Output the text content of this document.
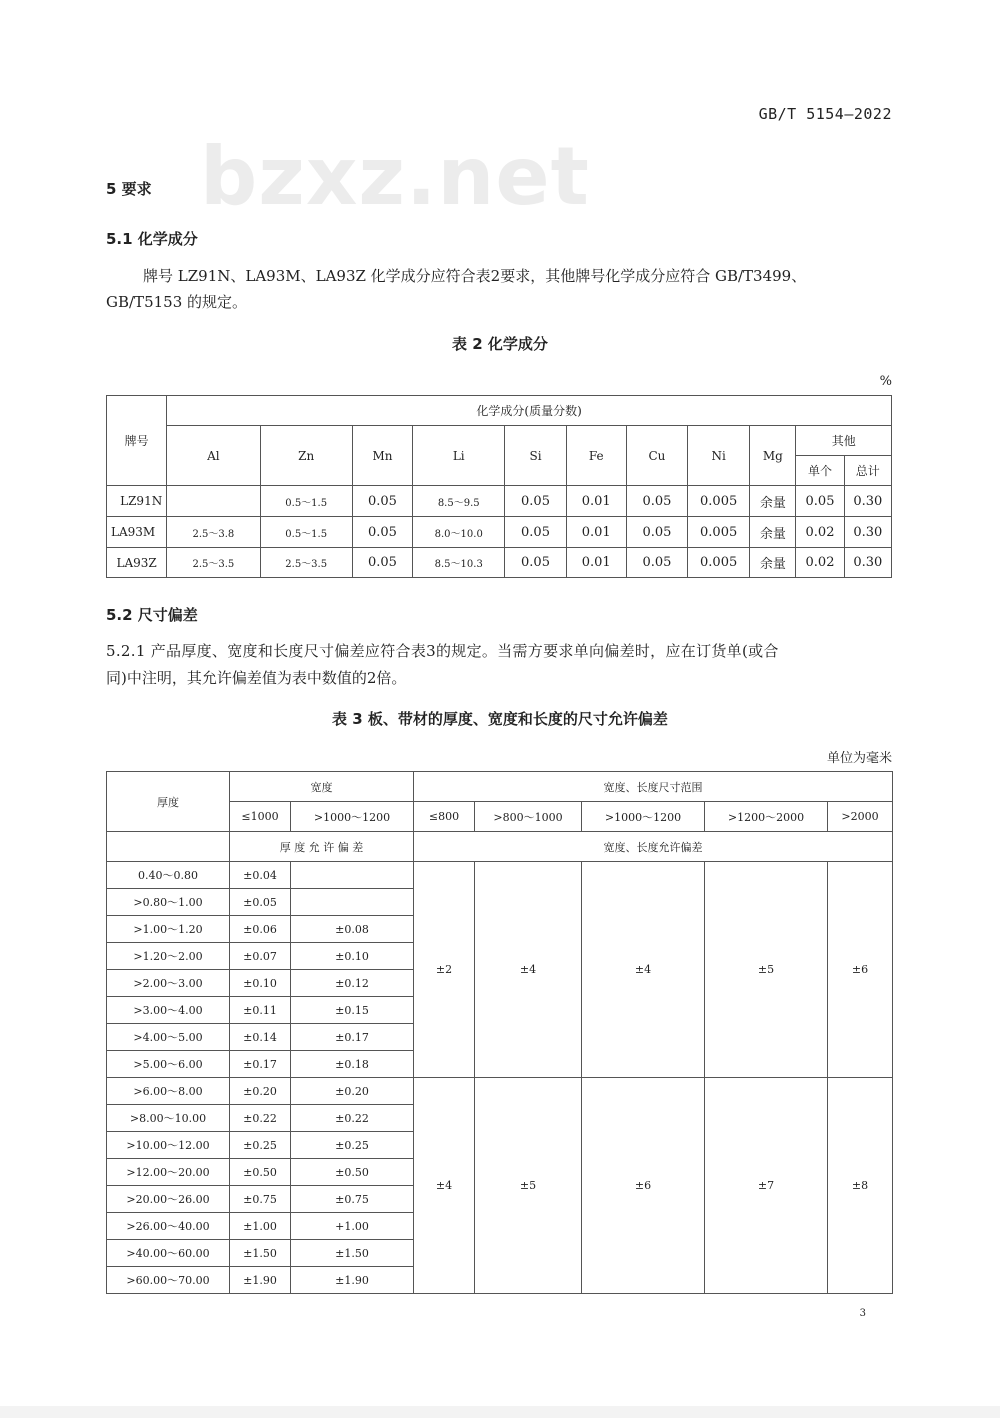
GB/T 5154—2022
bzxz.net
5 要求
5.1 化学成分
牌号 LZ91N、LA93M、LA93Z 化学成分应符合表2要求，其他牌号化学成分应符合 GB/T3499、
GB/T5153 的规定。
表 2 化学成分
%
牌号	化学成分(质量分数)										
	Al	Zn	Mn	Li	Si	Fe	Cu	Ni	Mg	其他	
										单个	总计
LZ91N		0.5～1.5	0.05	8.5～9.5	0.05	0.01	0.05	0.005	余量	0.05	0.30
LA93M	2.5～3.8	0.5～1.5	0.05	8.0～10.0	0.05	0.01	0.05	0.005	余量	0.02	0.30
LA93Z	2.5～3.5	2.5～3.5	0.05	8.5～10.3	0.05	0.01	0.05	0.005	余量	0.02	0.30
5.2 尺寸偏差
5.2.1 产品厚度、宽度和长度尺寸偏差应符合表3的规定。当需方要求单向偏差时，应在订货单(或合
同)中注明，其允许偏差值为表中数值的2倍。
表 3 板、带材的厚度、宽度和长度的尺寸允许偏差
单位为毫米
厚度	宽度		宽度、长度尺寸范围				
	≤1000	>1000～1200	≤800	>800～1000	>1000～1200	>1200～2000	>2000
	厚 度 允 许 偏 差		宽度、长度允许偏差				
0.40～0.80	±0.04		±2	±4	±4	±5	±6
>0.80～1.00	±0.05						
>1.00～1.20	±0.06	±0.08					
>1.20～2.00	±0.07	±0.10					
>2.00～3.00	±0.10	±0.12					
>3.00～4.00	±0.11	±0.15					
>4.00～5.00	±0.14	±0.17					
>5.00～6.00	±0.17	±0.18					
>6.00～8.00	±0.20	±0.20	±4	±5	±6	±7	±8
>8.00～10.00	±0.22	±0.22					
>10.00～12.00	±0.25	±0.25					
>12.00～20.00	±0.50	±0.50					
>20.00～26.00	±0.75	±0.75					
>26.00～40.00	±1.00	+1.00					
>40.00～60.00	±1.50	±1.50					
>60.00～70.00	±1.90	±1.90					
3
